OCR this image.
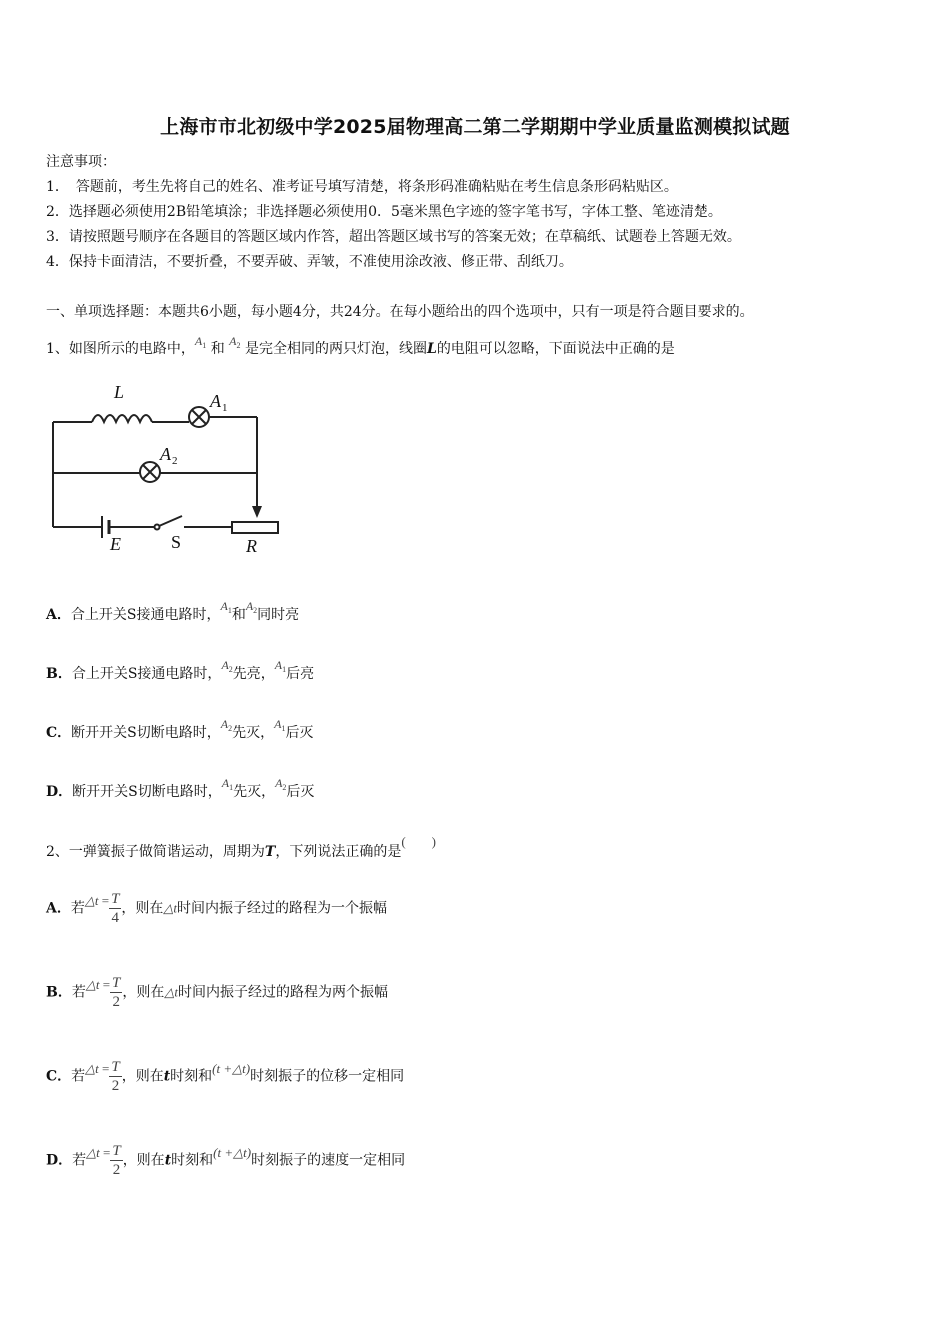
上海市市北初级中学2025届物理高二第二学期期中学业质量监测模拟试题
注意事项：
1．　答题前，考生先将自己的姓名、准考证号填写清楚，将条形码准确粘贴在考生信息条形码粘贴区。
2．选择题必须使用2B铅笔填涂；非选择题必须使用0．5毫米黑色字迹的签字笔书写，字体工整、笔迹清楚。
3．请按照题号顺序在各题目的答题区域内作答，超出答题区域书写的答案无效；在草稿纸、试题卷上答题无效。
4．保持卡面清洁，不要折叠，不要弄破、弄皱，不准使用涂改液、修正带、刮纸刀。
一、单项选择题：本题共6小题，每小题4分，共24分。在每小题给出的四个选项中，只有一项是符合题目要求的。
1、如图所示的电路中，$A_1$ 和 $A_2$ 是完全相同的两只灯泡，线圈L的电阻可以忽略，下面说法中正确的是
L	A 1
A 2
E	S	R
A．合上开关S接通电路时，$A_1$和$A_2$同时亮
B．合上开关S接通电路时，$A_2$先亮，$A_1$后亮
C．断开开关S切断电路时，$A_2$先灭，$A_1$后灭
D．断开开关S切断电路时，$A_1$先灭，$A_2$后灭
2、一弹簧振子做简谐运动，周期为T，下列说法正确的是(　　)
A．若△t = $\frac{T}{4}$ ，则在△t时间内振子经过的路程为一个振幅
B．若△t = $\frac{T}{2}$ ，则在△t时间内振子经过的路程为两个振幅
C．若△t = $\frac{T}{2}$ ，则在t时刻和(t +△t)时刻振子的位移一定相同
D．若△t = $\frac{T}{2}$ ，则在t时刻和(t +△t)时刻振子的速度一定相同
